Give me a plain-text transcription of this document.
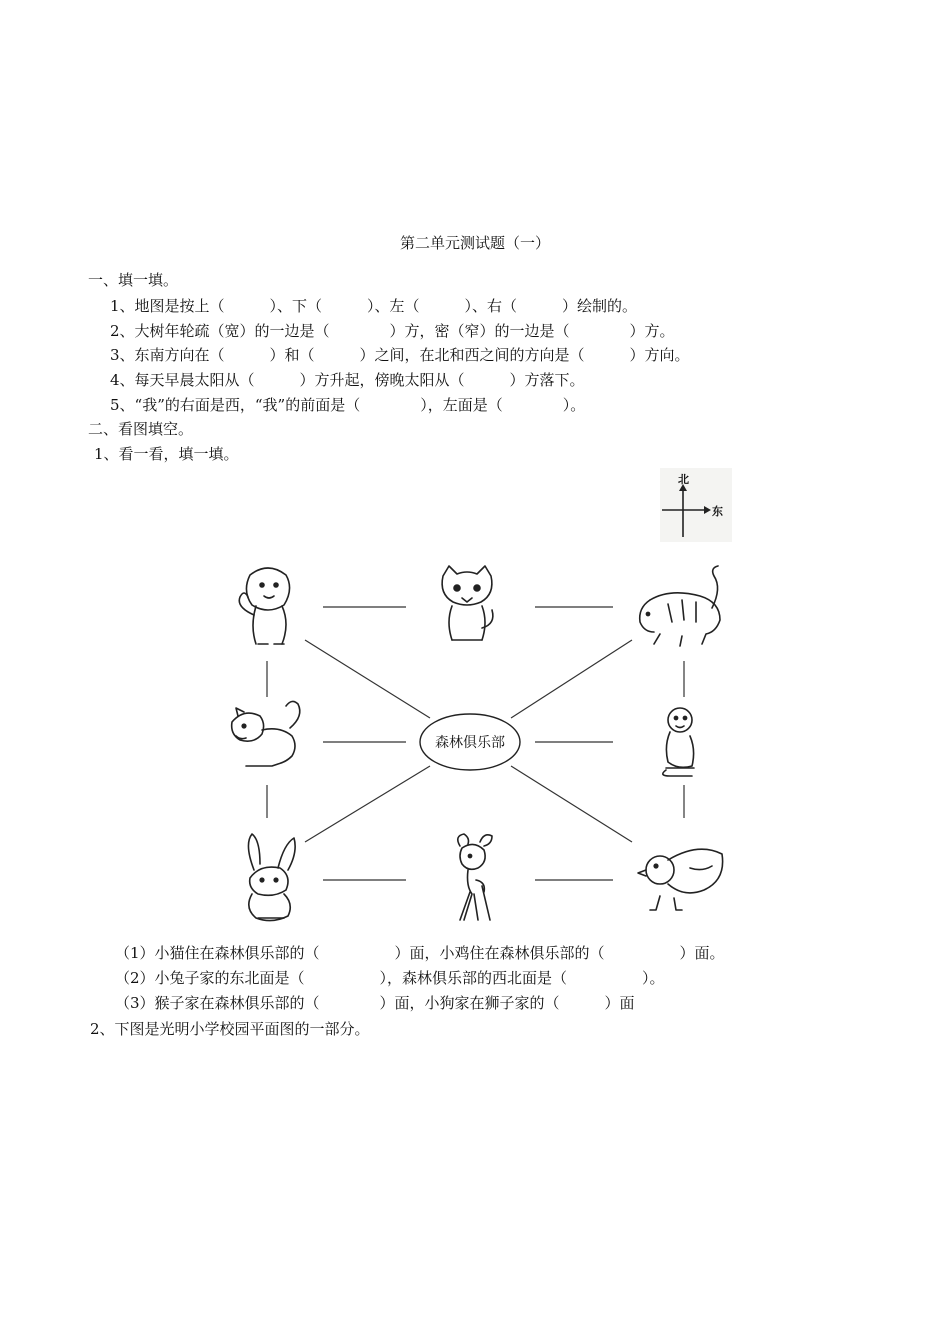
第二单元测试题（一）
一、填一填。
1、地图是按上（　　　）、下（　　　）、左（　　　）、右（　　　）绘制的。
2、大树年轮疏（宽）的一边是（　　　　）方，密（窄）的一边是（　　　　）方。
3、东南方向在（　　　）和（　　　）之间，在北和西之间的方向是（　　　）方向。
4、每天早晨太阳从（　　　）方升起，傍晚太阳从（　　　）方落下。
5、“我”的右面是西，“我”的前面是（　　　　），左面是（　　　　）。
二、看图填空。
1、看一看，填一填。
北
东
森林俱乐部
（1）小猫住在森林俱乐部的（　　　　　）面，小鸡住在森林俱乐部的（　　　　　）面。
（2）小兔子家的东北面是（　　　　　），森林俱乐部的西北面是（　　　　　）。
（3）猴子家在森林俱乐部的（　　　　）面，小狗家在狮子家的（　　　）面
2、下图是光明小学校园平面图的一部分。
